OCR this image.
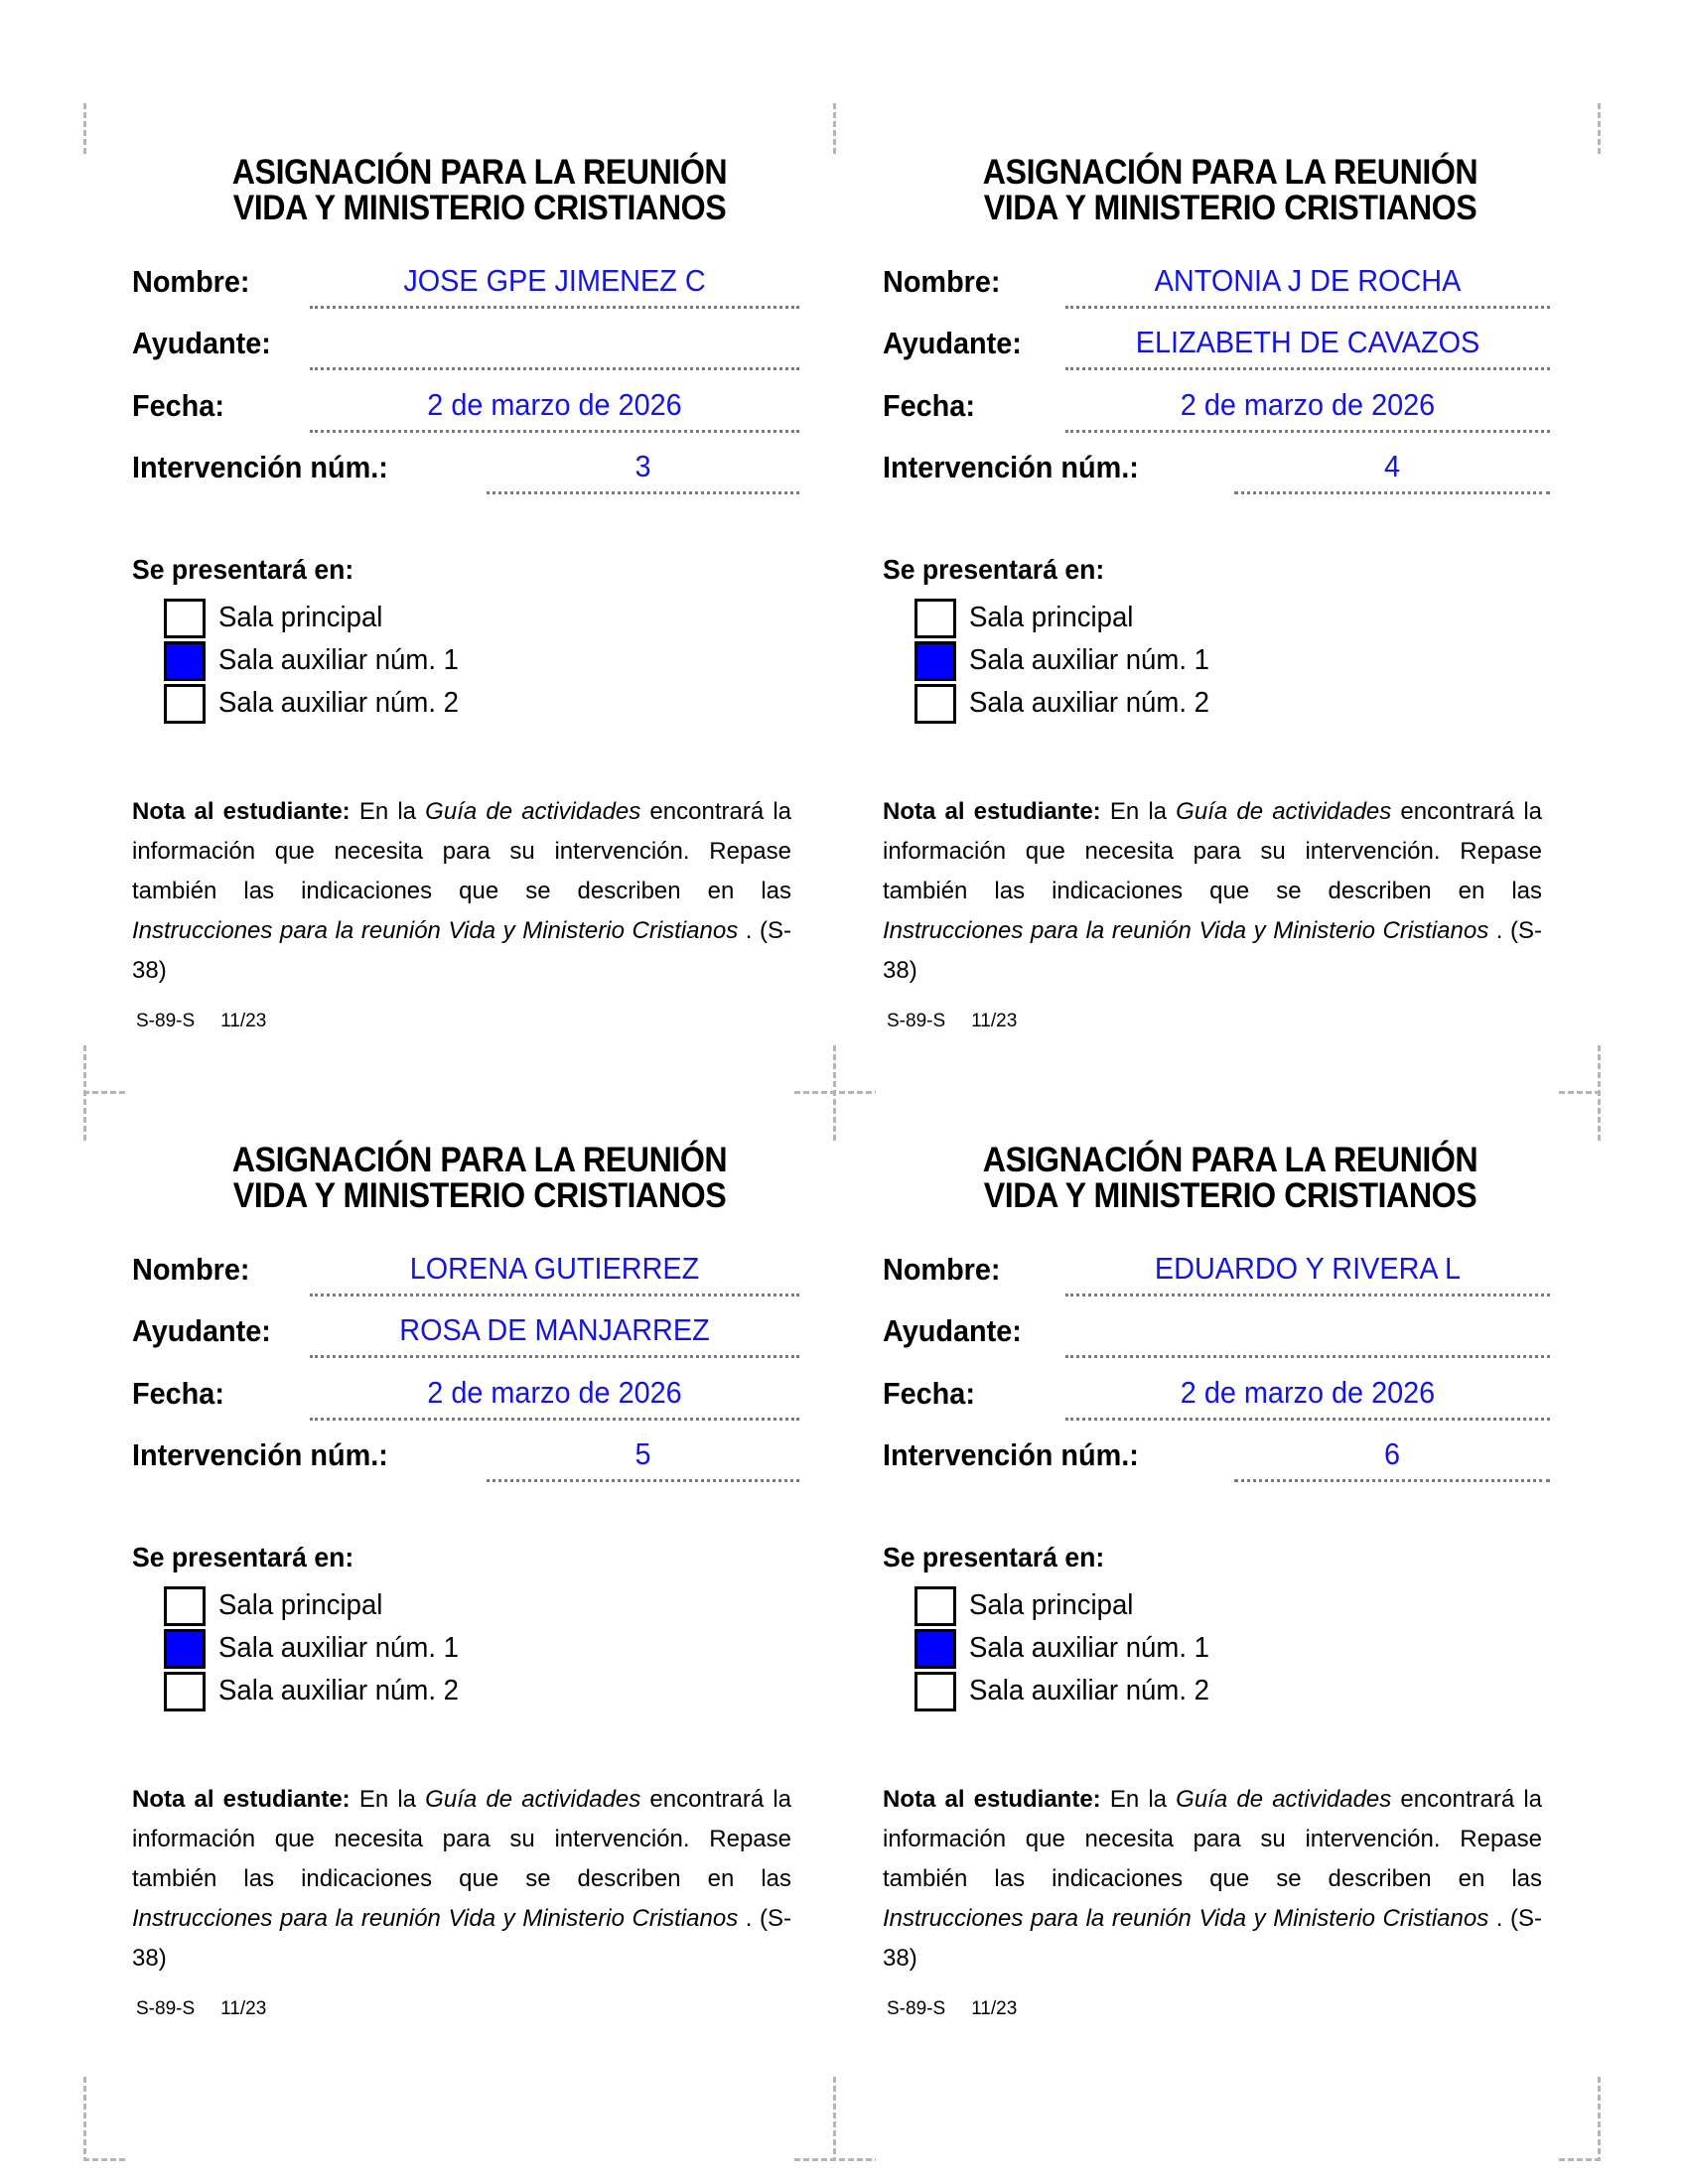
ASIGNACIÓN PARA LA REUNIÓN
VIDA Y MINISTERIO CRISTIANOS
Nombre:	JOSE GPE JIMENEZ C
Ayudante:
Fecha:	2 de marzo de 2026
Intervención núm.:	3
Se presentará en:
Sala principal
Sala auxiliar núm. 1
Sala auxiliar núm. 2

Nota al estudiante: En la Guía de actividades encontrará la información que necesita para su intervención. Repase también las indicaciones que se describen en las Instrucciones para la reunión Vida y Ministerio Cristianos . (S-38)

S-89-S 11/23
ASIGNACIÓN PARA LA REUNIÓN
VIDA Y MINISTERIO CRISTIANOS
Nombre:	ANTONIA J DE ROCHA
Ayudante:	ELIZABETH DE CAVAZOS
Fecha:	2 de marzo de 2026
Intervención núm.:	4
Se presentará en:
Sala principal
Sala auxiliar núm. 1
Sala auxiliar núm. 2

Nota al estudiante: En la Guía de actividades encontrará la información que necesita para su intervención. Repase también las indicaciones que se describen en las Instrucciones para la reunión Vida y Ministerio Cristianos . (S-38)

S-89-S 11/23
ASIGNACIÓN PARA LA REUNIÓN
VIDA Y MINISTERIO CRISTIANOS
Nombre:	LORENA GUTIERREZ
Ayudante:	ROSA DE MANJARREZ
Fecha:	2 de marzo de 2026
Intervención núm.:	5
Se presentará en:
Sala principal
Sala auxiliar núm. 1
Sala auxiliar núm. 2

Nota al estudiante: En la Guía de actividades encontrará la información que necesita para su intervención. Repase también las indicaciones que se describen en las Instrucciones para la reunión Vida y Ministerio Cristianos . (S-38)

S-89-S 11/23
ASIGNACIÓN PARA LA REUNIÓN
VIDA Y MINISTERIO CRISTIANOS
Nombre:	EDUARDO Y RIVERA L
Ayudante:
Fecha:	2 de marzo de 2026
Intervención núm.:	6
Se presentará en:
Sala principal
Sala auxiliar núm. 1
Sala auxiliar núm. 2

Nota al estudiante: En la Guía de actividades encontrará la información que necesita para su intervención. Repase también las indicaciones que se describen en las Instrucciones para la reunión Vida y Ministerio Cristianos . (S-38)

S-89-S 11/23
